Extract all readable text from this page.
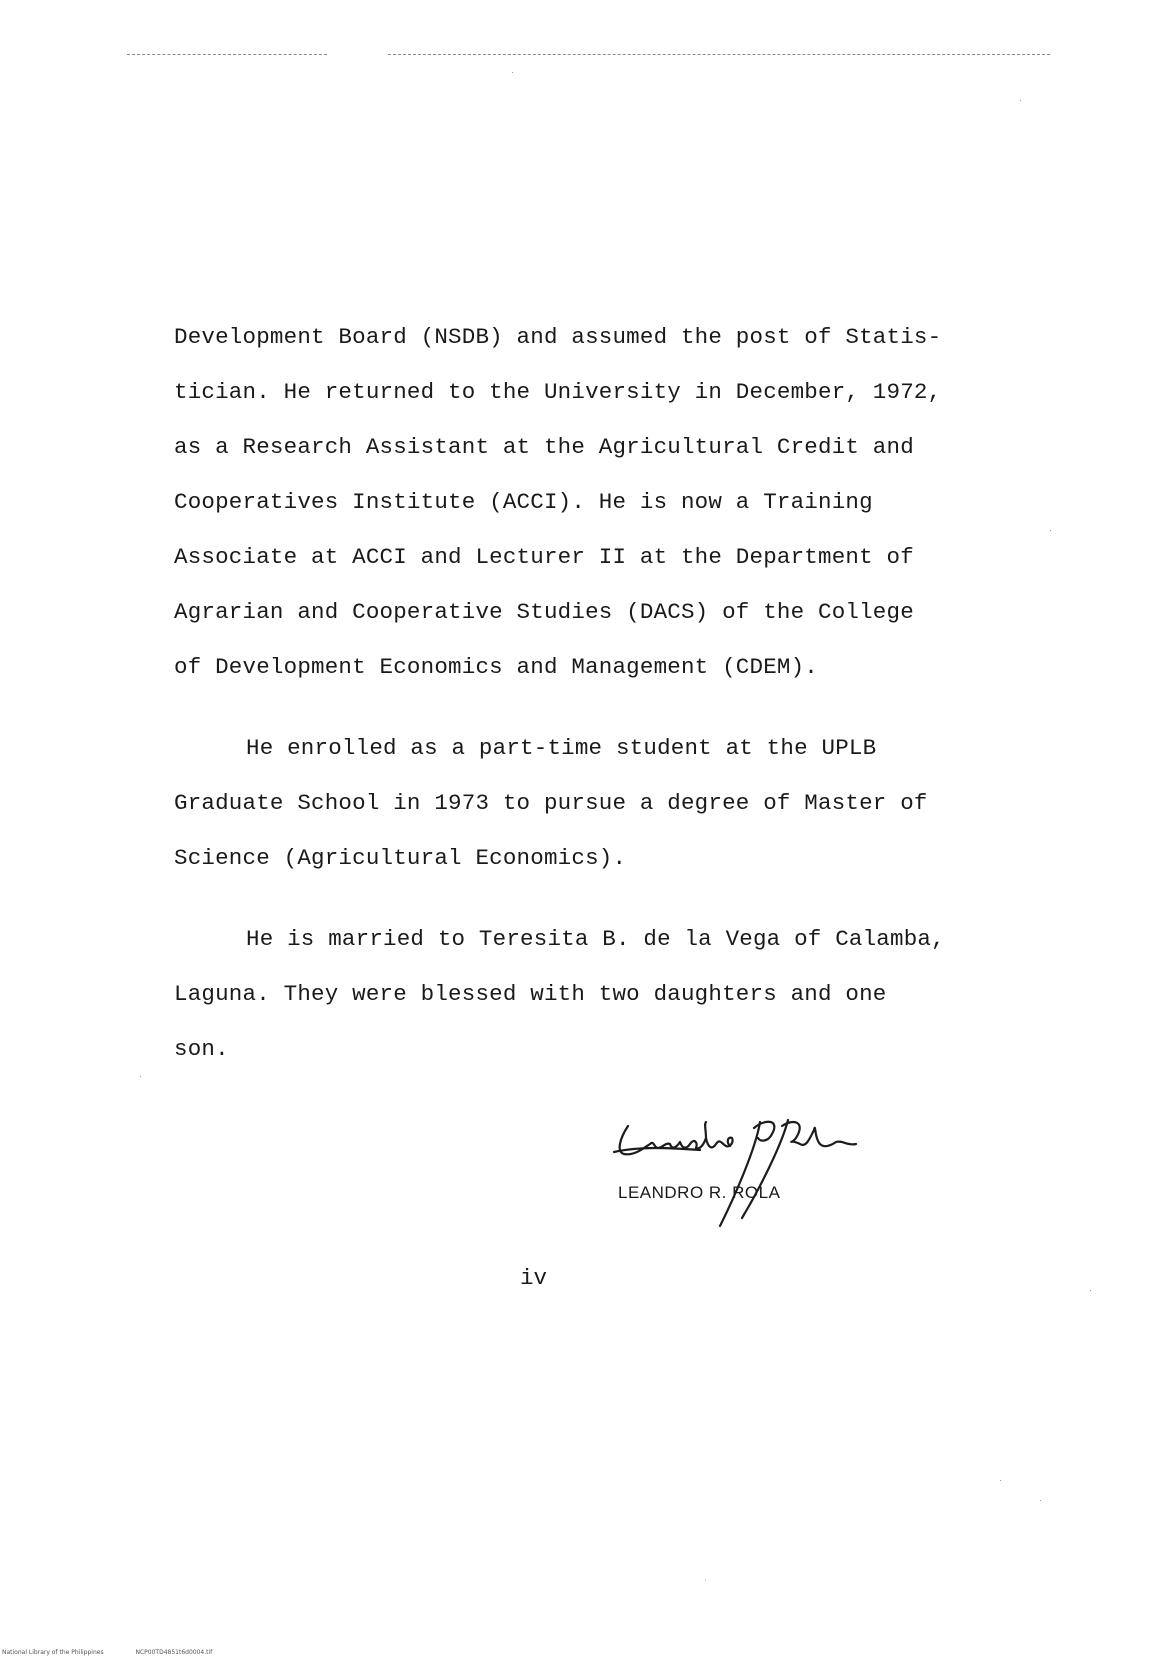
Development Board (NSDB) and assumed the post of Statis-
tician. He returned to the University in December, 1972,
as a Research Assistant at the Agricultural Credit and
Cooperatives Institute (ACCI). He is now a Training
Associate at ACCI and Lecturer II at the Department of
Agrarian and Cooperative Studies (DACS) of the College
of Development Economics and Management (CDEM).
He enrolled as a part-time student at the UPLB
Graduate School in 1973 to pursue a degree of Master of
Science (Agricultural Economics).
He is married to Teresita B. de la Vega of Calamba,
Laguna. They were blessed with two daughters and one
son.
LEANDRO R. ROLA
iv
National Library of the Philippines	NCP00TD4851t6d0004.tif
